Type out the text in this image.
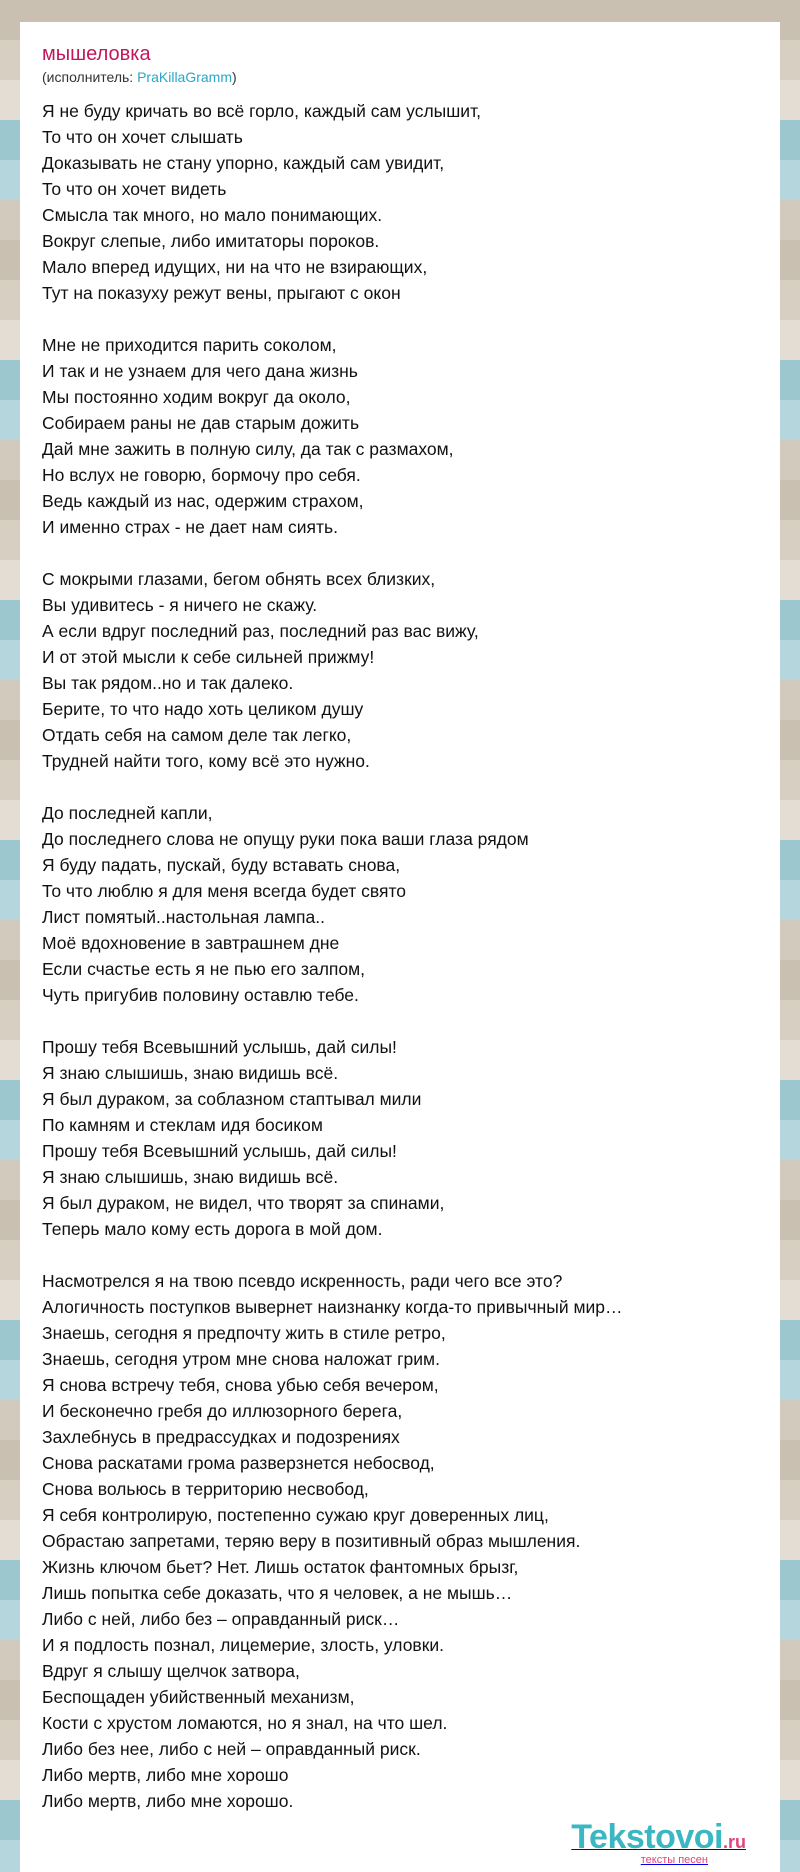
мышеловка
(исполнитель: PraKillaGramm)
Я не буду кричать во всё горло, каждый сам услышит,
То что он хочет слышать
Доказывать не стану упорно, каждый сам увидит,
То что он хочет видеть
Смысла так много, но мало понимающих.
Вокруг слепые, либо имитаторы пороков.
Мало вперед идущих, ни на что не взирающих,
Тут на показуху режут вены, прыгают с окон
Мне не приходится парить соколом,
И так и не узнаем для чего дана жизнь
Мы постоянно ходим вокруг да около,
Собираем раны не дав старым дожить
Дай мне зажить в полную силу, да так с размахом,
Но вслух не говорю, бормочу про себя.
Ведь каждый из нас, одержим страхом,
И именно страх - не дает нам сиять.
С мокрыми глазами, бегом обнять всех близких,
Вы удивитесь - я ничего не скажу.
А если вдруг последний раз, последний раз вас вижу,
И от этой мысли к себе сильней прижму!
Вы так рядом..но и так далеко.
Берите, то что надо хоть целиком душу
Отдать себя на самом деле так легко,
Трудней найти того, кому всё это нужно.
До последней капли,
До последнего слова не опущу руки пока ваши глаза рядом
Я буду падать, пускай, буду вставать снова,
То что люблю я для меня всегда будет свято
Лист помятый..настольная лампа..
Моё вдохновение в завтрашнем дне
Если счастье есть я не пью его залпом,
Чуть пригубив половину оставлю тебе.
Прошу тебя Всевышний услышь, дай силы!
Я знаю слышишь, знаю видишь всё.
Я был дураком, за соблазном стаптывал мили
По камням и стеклам идя босиком
Прошу тебя Всевышний услышь, дай силы!
Я знаю слышишь, знаю видишь всё.
Я был дураком, не видел, что творят за спинами,
Теперь мало кому есть дорога в мой дом.
Насмотрелся я на твою псевдо искренность, ради чего все это?
Алогичность поступков вывернет наизнанку когда-то привычный мир…
Знаешь, сегодня я предпочту жить в стиле ретро,
Знаешь, сегодня утром мне снова наложат грим.
Я снова встречу тебя, снова убью себя вечером,
И бесконечно гребя до иллюзорного берега,
Захлебнусь в предрассудках и подозрениях
Снова раскатами грома разверзнется небосвод,
Снова вольюсь в территорию несвобод,
Я себя контролирую, постепенно сужаю круг доверенных лиц,
Обрастаю запретами, теряю веру в позитивный образ мышления.
Жизнь ключом бьет? Нет. Лишь остаток фантомных брызг,
Лишь попытка себе доказать, что я человек, а не мышь…
Либо с ней, либо без – оправданный риск…
И я подлость познал, лицемерие, злость, уловки.
Вдруг я слышу щелчок затвора,
Беспощаден убийственный механизм,
Кости с хрустом ломаются, но я знал, на что шел.
Либо без нее, либо с ней – оправданный риск.
Либо мертв, либо мне хорошо
Либо мертв, либо мне хорошо.
Tekstovoi.ru
тексты песен
